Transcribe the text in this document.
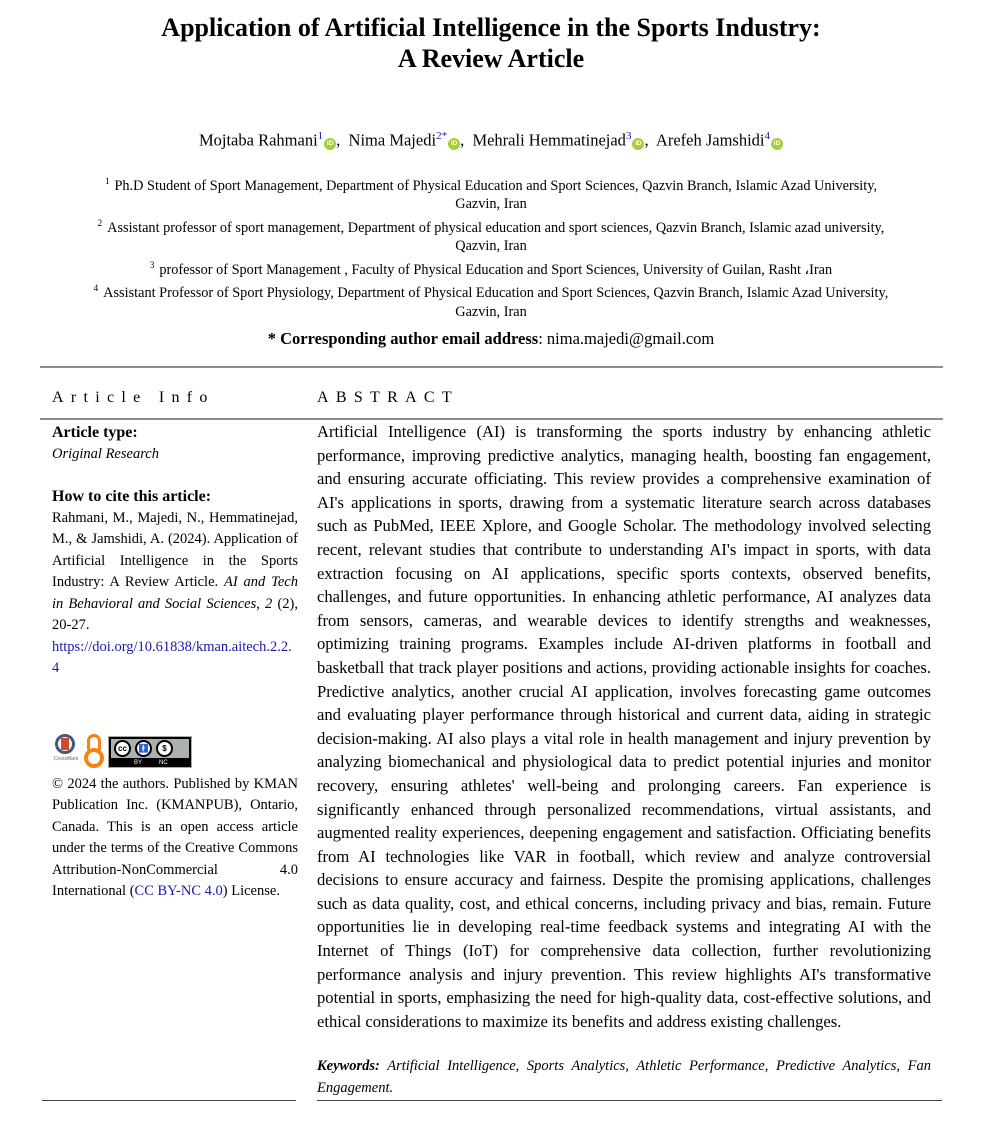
Application of Artificial Intelligence in the Sports Industry:
A Review Article
Mojtaba Rahmani$^1$iD ,  Nima Majedi$^{2*}$iD ,  Mehrali Hemmatinejad$^3$iD ,  Arefeh Jamshidi$^4$iD
$^1$ Ph.D Student of Sport Management, Department of Physical Education and Sport Sciences, Qazvin Branch, Islamic Azad University,
Gazvin, Iran
$^2$ Assistant professor of sport management, Department of physical education and sport sciences, Qazvin Branch, Islamic azad university,
Qazvin, Iran
$^3$ professor of Sport Management , Faculty of Physical Education and Sport Sciences, University of Guilan, Rasht ،Iran
$^4$ Assistant Professor of Sport Physiology, Department of Physical Education and Sport Sciences, Qazvin Branch, Islamic Azad University,
Gazvin, Iran
* Corresponding author email address: nima.majedi@gmail.com
Article Info	ABSTRACT
Article type:
Original Research
How to cite this article:
Rahmani, M., Majedi, N., Hemmatinejad, M., & Jamshidi, A. (2024). Application of Artificial Intelligence in the Sports Industry: A Review Article. AI and Tech in Behavioral and Social Sciences, 2 (2), 20-27.
https://doi.org/10.61838/kman.aitech.2.2.4
CrossMark
cc	🚹	$
BY	NC
© 2024 the authors. Published by KMAN Publication Inc. (KMANPUB), Ontario, Canada. This is an open access article under the terms of the Creative Commons Attribution-NonCommercial 4.0 International (CC BY-NC 4.0) License.
Artificial Intelligence (AI) is transforming the sports industry by enhancing athletic performance, improving predictive analytics, managing health, boosting fan engagement, and ensuring accurate officiating. This review provides a comprehensive examination of AI's applications in sports, drawing from a systematic literature search across databases such as PubMed, IEEE Xplore, and Google Scholar. The methodology involved selecting recent, relevant studies that contribute to understanding AI's impact in sports, with data extraction focusing on AI applications, specific sports contexts, observed benefits, challenges, and future opportunities. In enhancing athletic performance, AI analyzes data from sensors, cameras, and wearable devices to identify strengths and weaknesses, optimizing training programs. Examples include AI-driven platforms in football and basketball that track player positions and actions, providing actionable insights for coaches. Predictive analytics, another crucial AI application, involves forecasting game outcomes and evaluating player performance through historical and current data, aiding in strategic decision-making. AI also plays a vital role in health management and injury prevention by analyzing biomechanical and physiological data to predict potential injuries and monitor recovery, ensuring athletes' well-being and prolonging careers. Fan experience is significantly enhanced through personalized recommendations, virtual assistants, and augmented reality experiences, deepening engagement and satisfaction. Officiating benefits from AI technologies like VAR in football, which review and analyze controversial decisions to ensure accuracy and fairness. Despite the promising applications, challenges such as data quality, cost, and ethical concerns, including privacy and bias, remain. Future opportunities lie in developing real-time feedback systems and integrating AI with the Internet of Things (IoT) for comprehensive data collection, further revolutionizing performance analysis and injury prevention. This review highlights AI's transformative potential in sports, emphasizing the need for high-quality data, cost-effective solutions, and ethical considerations to maximize its benefits and address existing challenges.
Keywords: Artificial Intelligence, Sports Analytics, Athletic Performance, Predictive Analytics, Fan Engagement.
